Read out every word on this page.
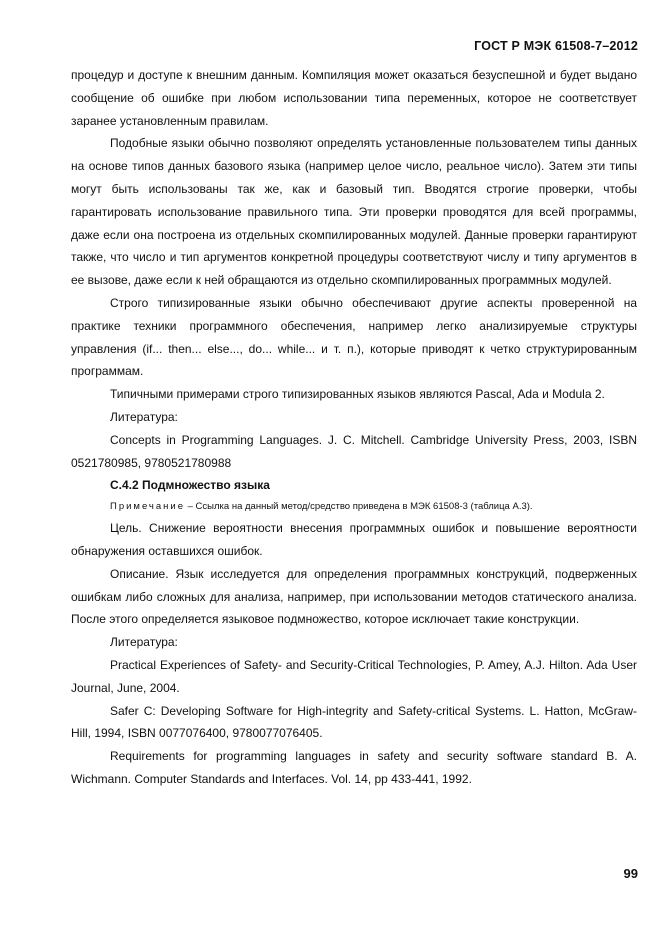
ГОСТ Р МЭК 61508-7–2012

процедур и доступе к внешним данным. Компиляция может оказаться безуспешной и будет выдано сообщение об ошибке при любом использовании типа переменных, которое не соответствует заранее установленным правилам.

Подобные языки обычно позволяют определять установленные пользователем типы данных на основе типов данных базового языка (например целое число, реальное число). Затем эти типы могут быть использованы так же, как и базовый тип. Вводятся строгие проверки, чтобы гарантировать использование правильного типа. Эти проверки проводятся для всей программы, даже если она построена из отдельных скомпилированных модулей. Данные проверки гарантируют также, что число и тип аргументов конкретной процедуры соответствуют числу и типу аргументов в ее вызове, даже если к ней обращаются из отдельно скомпилированных программных модулей.

Строго типизированные языки обычно обеспечивают другие аспекты проверенной на практике техники программного обеспечения, например легко анализируемые структуры управления (if... then... else..., do... while... и т. п.), которые приводят к четко структурированным программам.

Типичными примерами строго типизированных языков являются Pascal, Ada и Modula 2.

Литература:

Concepts in Programming Languages. J. C. Mitchell. Cambridge University Press, 2003, ISBN 0521780985, 9780521780988

C.4.2 Подмножество языка

Примечание – Ссылка на данный метод/средство приведена в МЭК 61508-3 (таблица А.3).

Цель. Снижение вероятности внесения программных ошибок и повышение вероятности обнаружения оставшихся ошибок.

Описание. Язык исследуется для определения программных конструкций, подверженных ошибкам либо сложных для анализа, например, при использовании методов статического анализа. После этого определяется языковое подмножество, которое исключает такие конструкции.

Литература:

Practical Experiences of Safety- and Security-Critical Technologies, P. Amey, A.J. Hilton. Ada User Journal, June, 2004.

Safer C: Developing Software for High-integrity and Safety-critical Systems. L. Hatton, McGraw-Hill, 1994, ISBN 0077076400, 9780077076405.

Requirements for programming languages in safety and security software standard B. A. Wichmann. Computer Standards and Interfaces. Vol. 14, pp 433-441, 1992.

99
